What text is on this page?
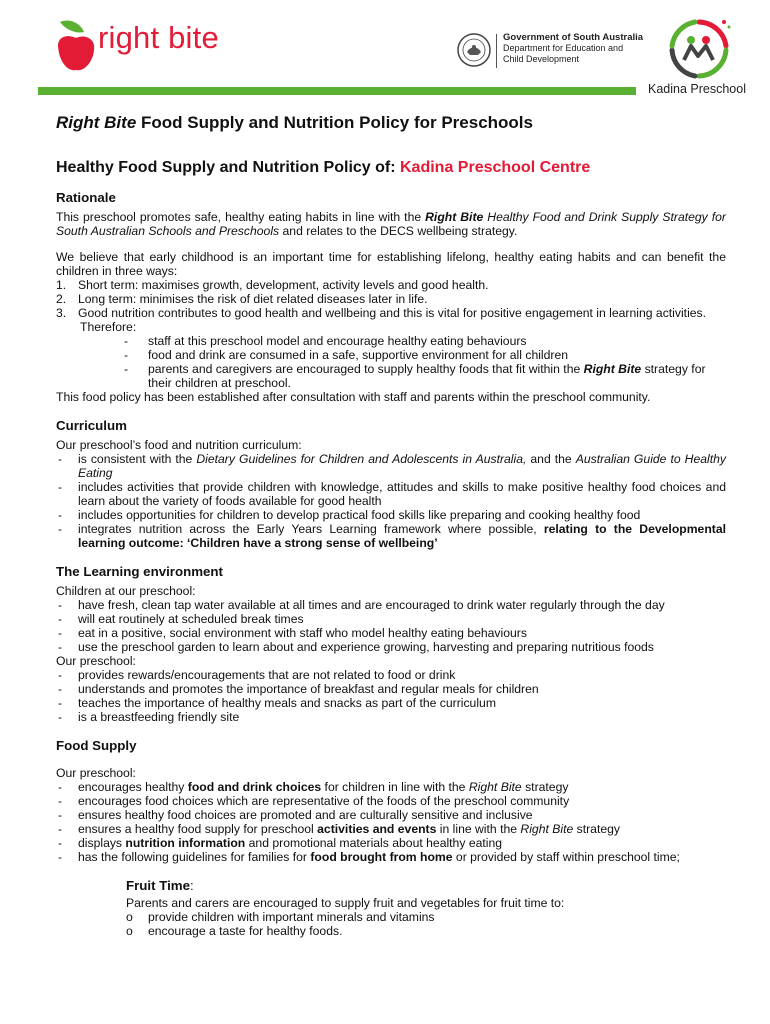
right bite	Government of South Australia
Department for Education and
Child Development
Kadina Preschool
Right Bite Food Supply and Nutrition Policy for Preschools
Healthy Food Supply and Nutrition Policy of: Kadina Preschool Centre
Rationale

This preschool promotes safe, healthy eating habits in line with the Right Bite Healthy Food and Drink Supply Strategy for South Australian Schools and Preschools and relates to the DECS wellbeing strategy.

We believe that early childhood is an important time for establishing lifelong, healthy eating habits and can benefit the children in three ways:

1. Short term: maximises growth, development, activity levels and good health.
2. Long term: minimises the risk of diet related diseases later in life.
3. Good nutrition contributes to good health and wellbeing and this is vital for positive engagement in learning activities.
Therefore:
- staff at this preschool model and encourage healthy eating behaviours
- food and drink are consumed in a safe, supportive environment for all children
- parents and caregivers are encouraged to supply healthy foods that fit within the Right Bite strategy for their children at preschool.

This food policy has been established after consultation with staff and parents within the preschool community.

Curriculum

Our preschool’s food and nutrition curriculum:

- is consistent with the Dietary Guidelines for Children and Adolescents in Australia, and the Australian Guide to Healthy Eating
- includes activities that provide children with knowledge, attitudes and skills to make positive healthy food choices and learn about the variety of foods available for good health
- includes opportunities for children to develop practical food skills like preparing and cooking healthy food
- integrates nutrition across the Early Years Learning framework where possible, relating to the Developmental learning outcome: ‘Children have a strong sense of wellbeing’
The Learning environment

Children at our preschool:

- have fresh, clean tap water available at all times and are encouraged to drink water regularly through the day
- will eat routinely at scheduled break times
- eat in a positive, social environment with staff who model healthy eating behaviours
- use the preschool garden to learn about and experience growing, harvesting and preparing nutritious foods

Our preschool:

- provides rewards/encouragements that are not related to food or drink
- understands and promotes the importance of breakfast and regular meals for children
- teaches the importance of healthy meals and snacks as part of the curriculum
- is a breastfeeding friendly site
Food Supply

Our preschool:

- encourages healthy food and drink choices for children in line with the Right Bite strategy
- encourages food choices which are representative of the foods of the preschool community
- ensures healthy food choices are promoted and are culturally sensitive and inclusive
- ensures a healthy food supply for preschool activities and events in line with the Right Bite strategy
- displays nutrition information and promotional materials about healthy eating
- has the following guidelines for families for food brought from home or provided by staff within preschool time;
Fruit Time:

Parents and carers are encouraged to supply fruit and vegetables for fruit time to:

o provide children with important minerals and vitamins
o encourage a taste for healthy foods.
